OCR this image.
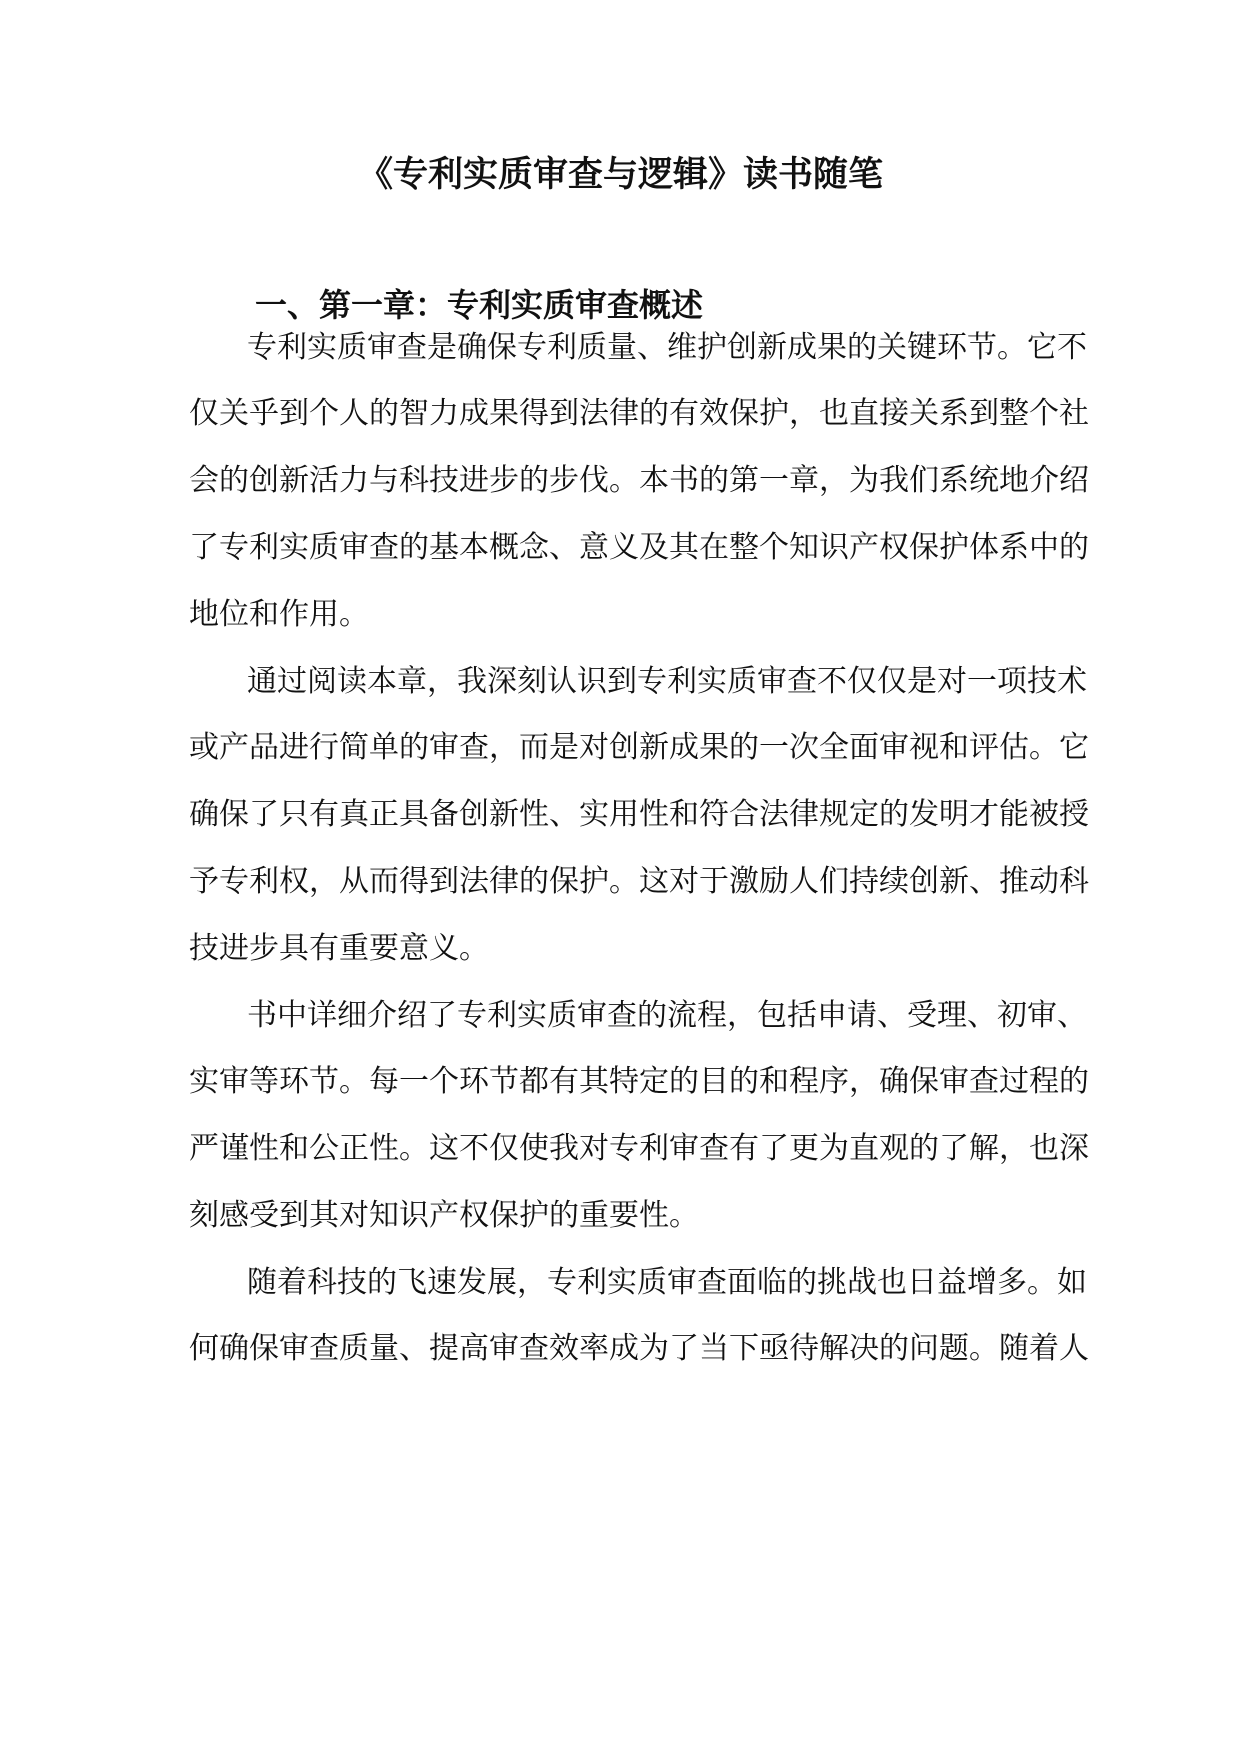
《专利实质审查与逻辑》读书随笔
一、第一章：专利实质审查概述
专利实质审查是确保专利质量、维护创新成果的关键环节。它不
仅关乎到个人的智力成果得到法律的有效保护，也直接关系到整个社
会的创新活力与科技进步的步伐。本书的第一章，为我们系统地介绍
了专利实质审查的基本概念、意义及其在整个知识产权保护体系中的
地位和作用。
通过阅读本章，我深刻认识到专利实质审查不仅仅是对一项技术
或产品进行简单的审查，而是对创新成果的一次全面审视和评估。它
确保了只有真正具备创新性、实用性和符合法律规定的发明才能被授
予专利权，从而得到法律的保护。这对于激励人们持续创新、推动科
技进步具有重要意义。
书中详细介绍了专利实质审查的流程，包括申请、受理、初审、
实审等环节。每一个环节都有其特定的目的和程序，确保审查过程的
严谨性和公正性。这不仅使我对专利审查有了更为直观的了解，也深
刻感受到其对知识产权保护的重要性。
随着科技的飞速发展，专利实质审查面临的挑战也日益增多。如
何确保审查质量、提高审查效率成为了当下亟待解决的问题。随着人
